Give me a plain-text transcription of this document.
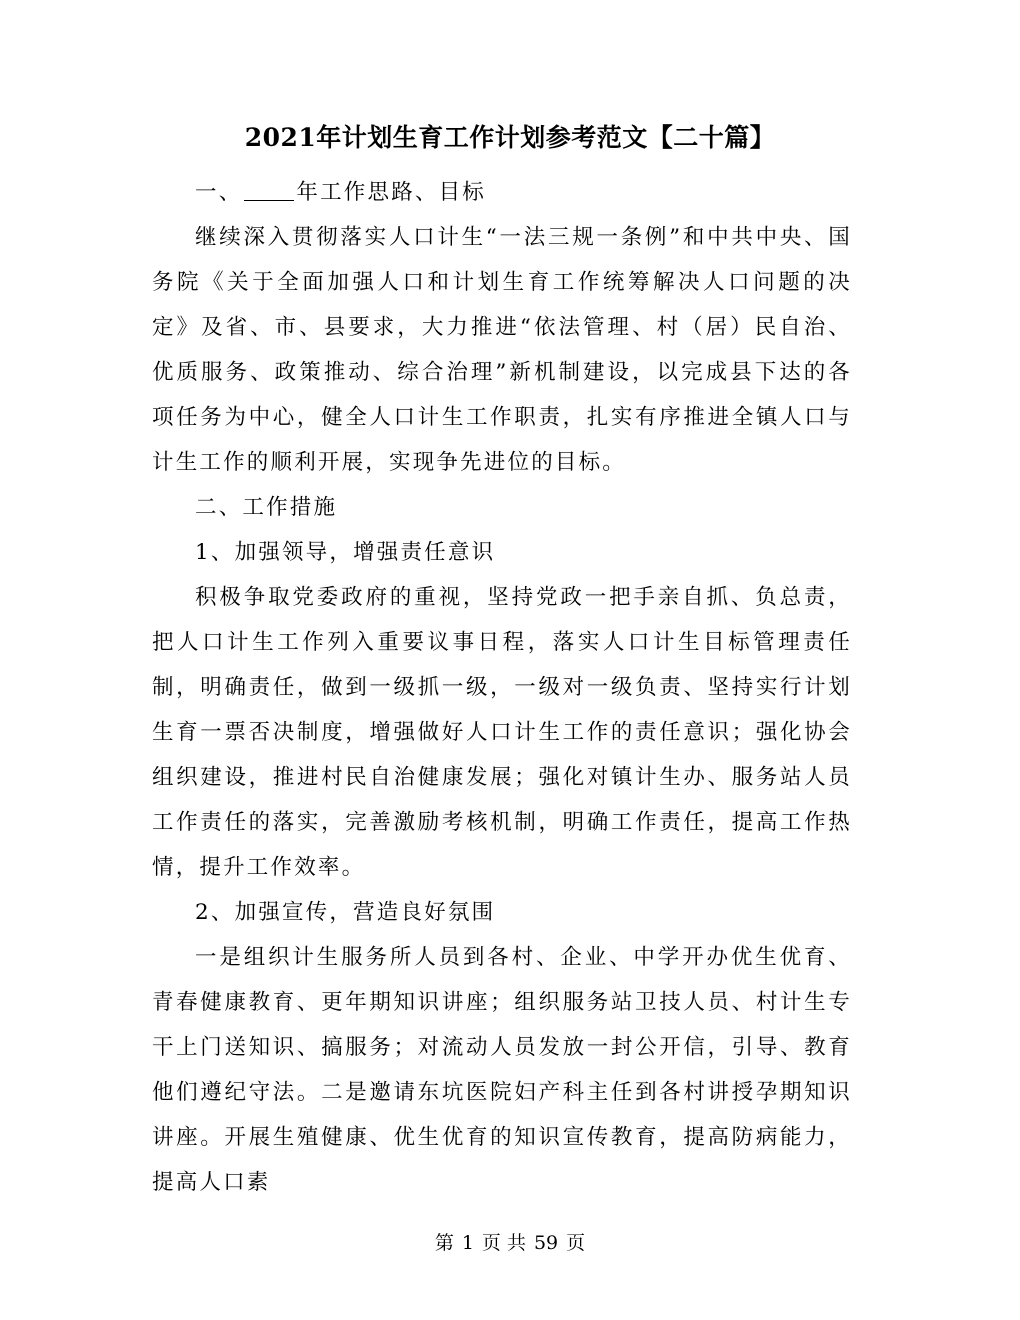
2021年计划生育工作计划参考范文【二十篇】

一、	年工作思路、目标

继续深入贯彻落实人口计生“一法三规一条例”和中共中央、国务院《关于全面加强人口和计划生育工作统筹解决人口问题的决定》及省、市、县要求，大力推进“依法管理、村（居）民自治、优质服务、政策推动、综合治理”新机制建设，以完成县下达的各项任务为中心，健全人口计生工作职责，扎实有序推进全镇人口与计生工作的顺利开展，实现争先进位的目标。

二、工作措施

1、加强领导，增强责任意识

积极争取党委政府的重视，坚持党政一把手亲自抓、负总责，把人口计生工作列入重要议事日程，落实人口计生目标管理责任制，明确责任，做到一级抓一级，一级对一级负责、坚持实行计划生育一票否决制度，增强做好人口计生工作的责任意识；强化协会组织建设，推进村民自治健康发展；强化对镇计生办、服务站人员工作责任的落实，完善激励考核机制，明确工作责任，提高工作热情，提升工作效率。

2、加强宣传，营造良好氛围

一是组织计生服务所人员到各村、企业、中学开办优生优育、青春健康教育、更年期知识讲座；组织服务站卫技人员、村计生专干上门送知识、搞服务；对流动人员发放一封公开信，引导、教育他们遵纪守法。二是邀请东坑医院妇产科主任到各村讲授孕期知识讲座。开展生殖健康、优生优育的知识宣传教育，提高防病能力，提高人口素

第 1 页 共 59 页
